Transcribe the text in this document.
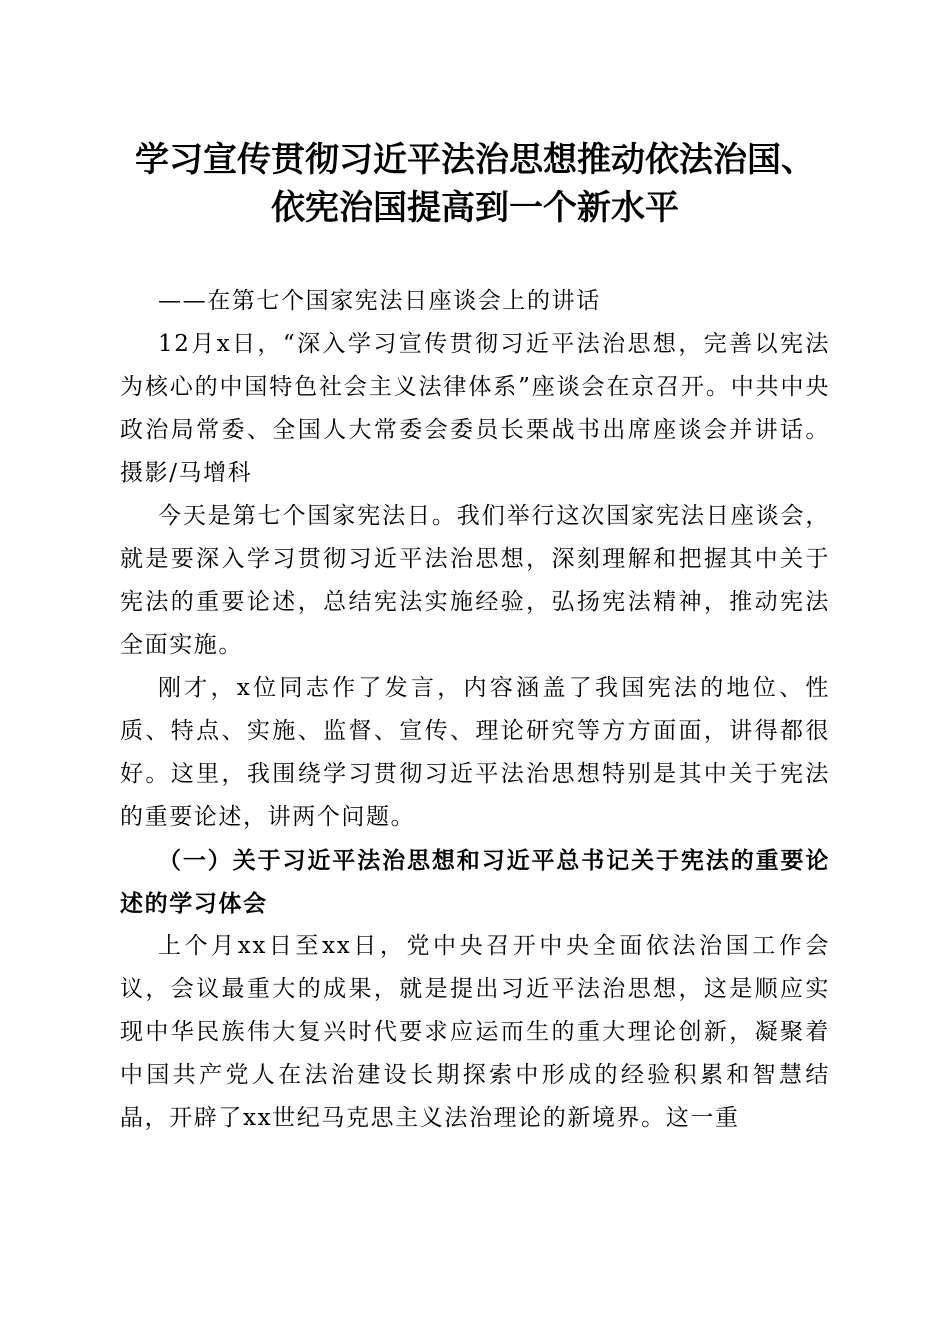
学习宣传贯彻习近平法治思想推动依法治国、
依宪治国提高到一个新水平

——在第七个国家宪法日座谈会上的讲话

12月x日，“深入学习宣传贯彻习近平法治思想，完善以宪法为核心的中国特色社会主义法律体系”座谈会在京召开。中共中央政治局常委、全国人大常委会委员长栗战书出席座谈会并讲话。摄影/马增科

今天是第七个国家宪法日。我们举行这次国家宪法日座谈会，就是要深入学习贯彻习近平法治思想，深刻理解和把握其中关于宪法的重要论述，总结宪法实施经验，弘扬宪法精神，推动宪法全面实施。

刚才，x位同志作了发言，内容涵盖了我国宪法的地位、性质、特点、实施、监督、宣传、理论研究等方方面面，讲得都很好。这里，我围绕学习贯彻习近平法治思想特别是其中关于宪法的重要论述，讲两个问题。

（一）关于习近平法治思想和习近平总书记关于宪法的重要论述的学习体会

上个月xx日至xx日，党中央召开中央全面依法治国工作会议，会议最重大的成果，就是提出习近平法治思想，这是顺应实现中华民族伟大复兴时代要求应运而生的重大理论创新，凝聚着中国共产党人在法治建设长期探索中形成的经验积累和智慧结晶，开辟了xx世纪马克思主义法治理论的新境界。这一重
